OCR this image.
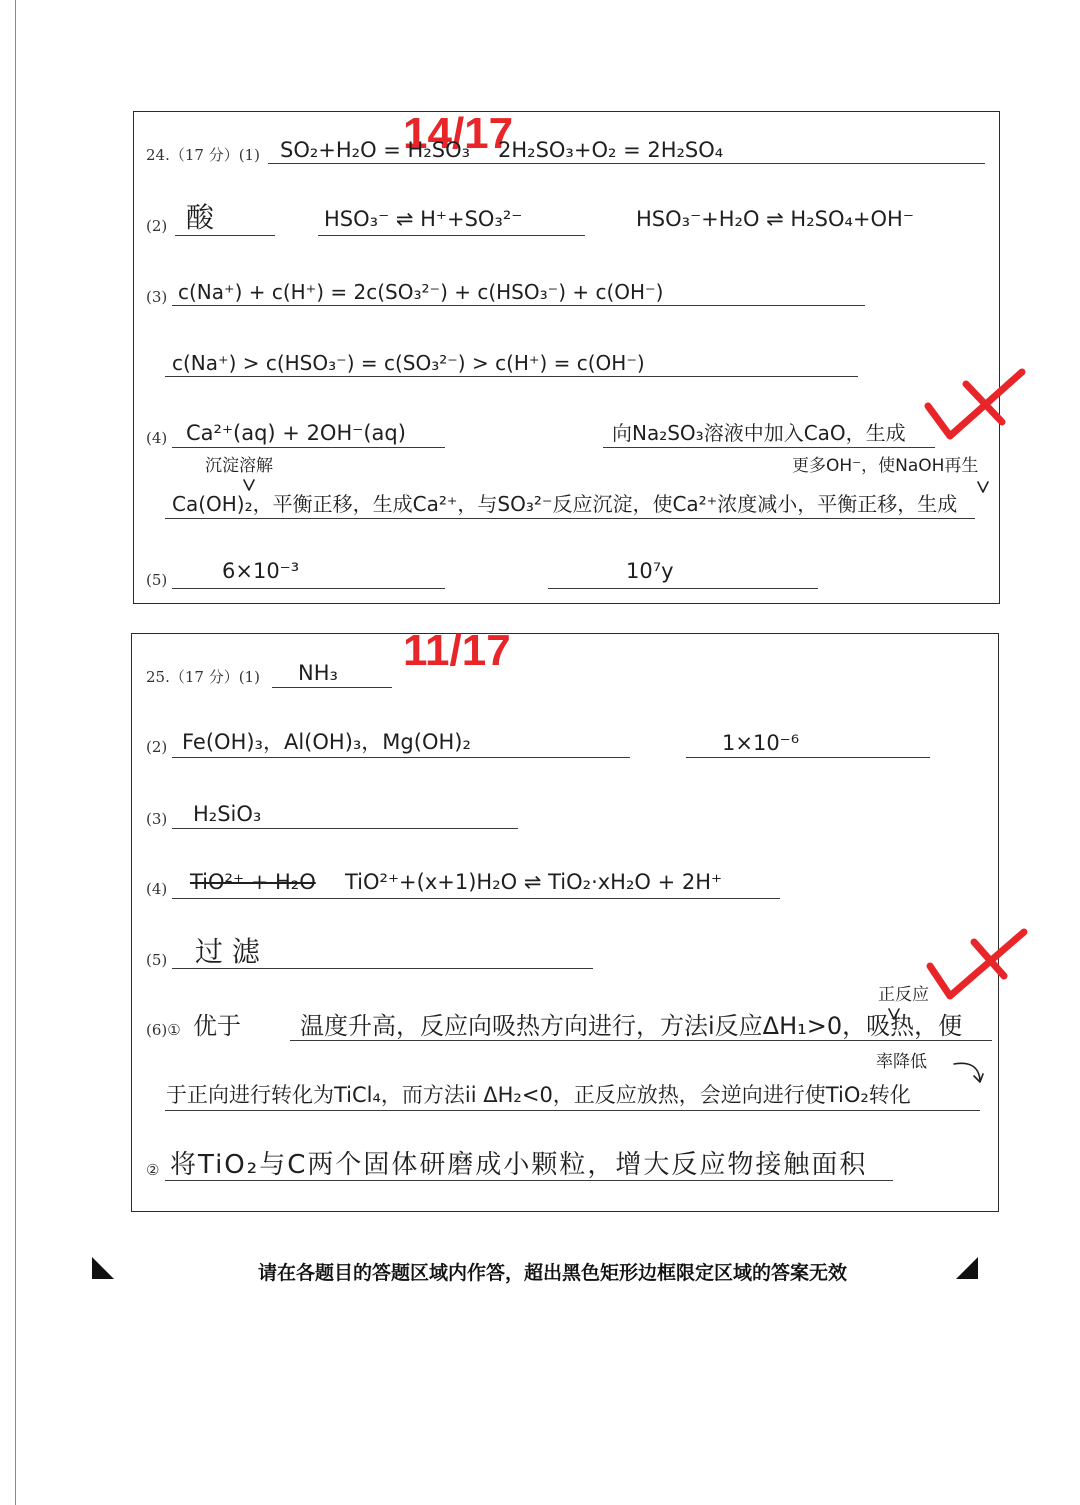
14/17
24.（17 分）(1) SO₂+H₂O = H₂SO₃ 2H₂SO₃+O₂ = 2H₂SO₄
(2) 酸	HSO₃⁻ ⇌ H⁺+SO₃²⁻	HSO₃⁻+H₂O ⇌ H₂SO₄+OH⁻
(3) c(Na⁺) + c(H⁺) = 2c(SO₃²⁻) + c(HSO₃⁻) + c(OH⁻)
c(Na⁺) > c(HSO₃⁻) = c(SO₃²⁻) > c(H⁺) = c(OH⁻)
(4) Ca²⁺(aq) + 2OH⁻(aq)	向Na₂SO₃溶液中加入CaO，生成
沉淀溶解	更多OH⁻，使NaOH再生
Ca(OH)₂，平衡正移，生成Ca²⁺，与SO₃²⁻反应沉淀，使Ca²⁺浓度减小，平衡正移，生成
(5)	6×10⁻³	10⁷y
11/17
25.（17 分）(1) NH₃
(2) Fe(OH)₃，Al(OH)₃，Mg(OH)₂	1×10⁻⁶
(3) H₂SiO₃
(4) TiO²⁺ + H₂O TiO²⁺+(x+1)H₂O ⇌ TiO₂·xH₂O + 2H⁺
(5) 过 滤
正反应
(6)① 优于 温度升高，反应向吸热方向进行，方法i反应ΔH₁>0，吸热，便
率降低
于正向进行转化为TiCl₄，而方法ii ΔH₂<0，正反应放热，会逆向进行使TiO₂转化
② 将TiO₂与C两个固体研磨成小颗粒，增大反应物接触面积
请在各题目的答题区域内作答，超出黑色矩形边框限定区域的答案无效
